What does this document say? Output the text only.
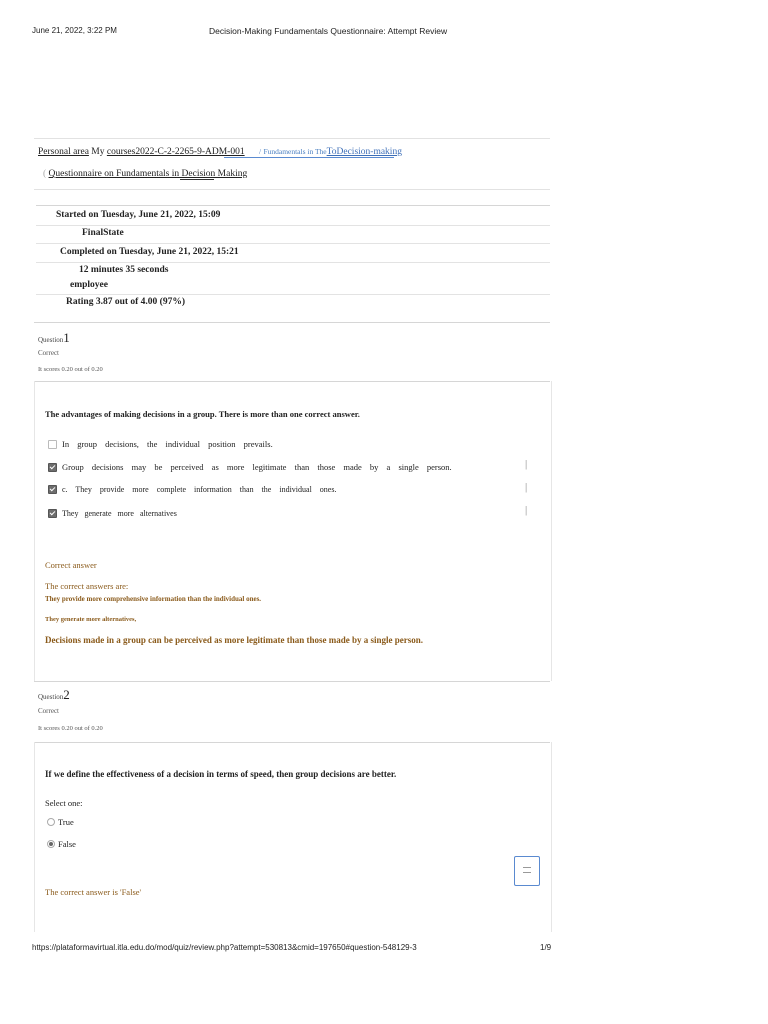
June 21, 2022, 3:22 PM	Decision-Making Fundamentals Questionnaire: Attempt Review
Personal area My courses2022-C-2-2265-9-ADM-001 / Fundamentals in TheToDecision-making
( Questionnaire on Fundamentals in Decision Making
Started on Tuesday, June 21, 2022, 15:09
FinalState
Completed on Tuesday, June 21, 2022, 15:21
12 minutes 35 seconds
employee
Rating 3.87 out of 4.00 (97%)
Question1
Correct
It scores 0.20 out of 0.20
The advantages of making decisions in a group. There is more than one correct answer.
In group decisions, the individual position prevails.
Group decisions may be perceived as more legitimate than those made by a single person.	|
c. They provide more complete information than the individual ones.	|
They generate more alternatives	|
Correct answer
The correct answers are:
They provide more comprehensive information than the individual ones.
They generate more alternatives,
Decisions made in a group can be perceived as more legitimate than those made by a single person.
Question2
Correct
It scores 0.20 out of 0.20
If we define the effectiveness of a decision in terms of speed, then group decisions are better.
Select one:
True
False
The correct answer is 'False'
https://plataformavirtual.itla.edu.do/mod/quiz/review.php?attempt=530813&cmid=197650#question-548129-3	1/9
